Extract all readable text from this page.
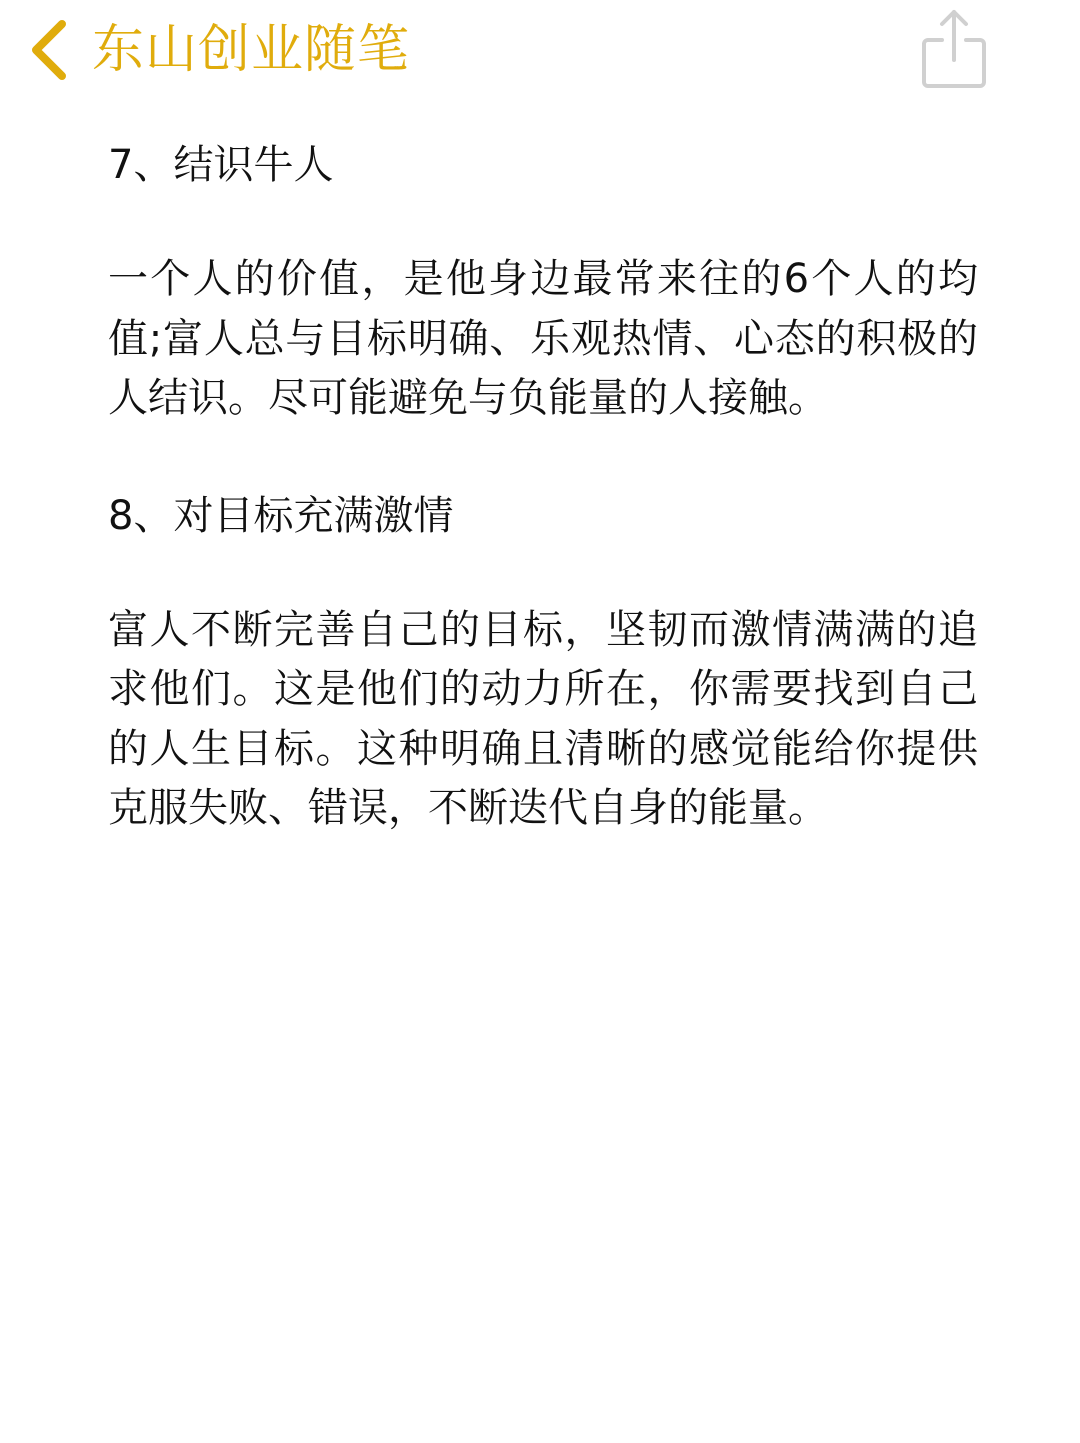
东山创业随笔
7、结识牛人

一个人的价值，是他身边最常来往的6个人的均值;富人总与目标明确、乐观热情、心态的积极的人结识。尽可能避免与负能量的人接触。

8、对目标充满激情

富人不断完善自己的目标，坚韧而激情满满的追求他们。这是他们的动力所在，你需要找到自己的人生目标。这种明确且清晰的感觉能给你提供克服失败、错误，不断迭代自身的能量。
